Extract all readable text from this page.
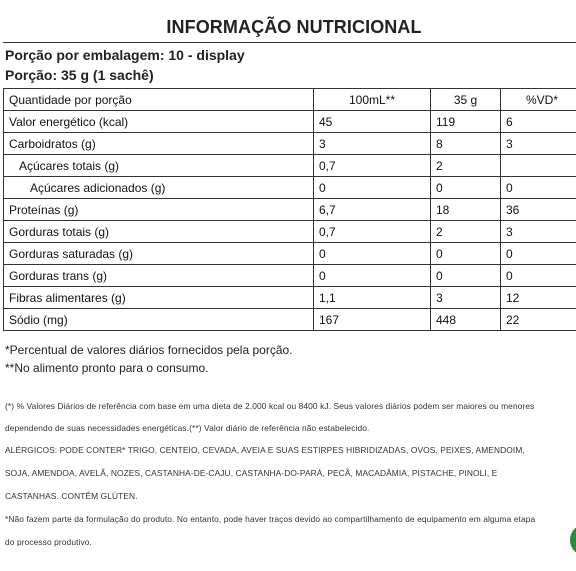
INFORMAÇÃO NUTRICIONAL
Porção por embalagem: 10 - display
Porção: 35 g (1 sachê)
Quantidade por porção	100mL**	35 g	%VD*
Valor energético (kcal)	45	119	6
Carboidratos (g)	3	8	3
Açúcares totais (g)	0,7	2	
Açúcares adicionados (g)	0	0	0
Proteínas (g)	6,7	18	36
Gorduras totais (g)	0,7	2	3
Gorduras saturadas (g)	0	0	0
Gorduras trans (g)	0	0	0
Fibras alimentares (g)	1,1	3	12
Sódio (mg)	167	448	22
*Percentual de valores diários fornecidos pela porção.
**No alimento pronto para o consumo.
(*) % Valores Diários de referência com base em uma dieta de 2.000 kcal ou 8400 kJ. Seus valores diários podem ser maiores ou menores
dependendo de suas necessidades energéticas.(**) Valor diário de referência não estabelecido.
ALÉRGICOS: PODE CONTER* TRIGO, CENTEIO, CEVADA, AVEIA E SUAS ESTIRPES HIBRIDIZADAS, OVOS, PEIXES, AMENDOIM,
SOJA, AMENDOA, AVELÃ, NOZES, CASTANHA-DE-CAJU, CASTANHA-DO-PARÁ, PECÃ, MACADÂMIA, PISTACHE, PINOLI, E
CASTANHAS. CONTÊM GLÚTEN.
*Não fazem parte da formulação do produto. No entanto, pode haver traços devido ao compartilhamento de equipamento em alguma etapa
do processo produtivo.
